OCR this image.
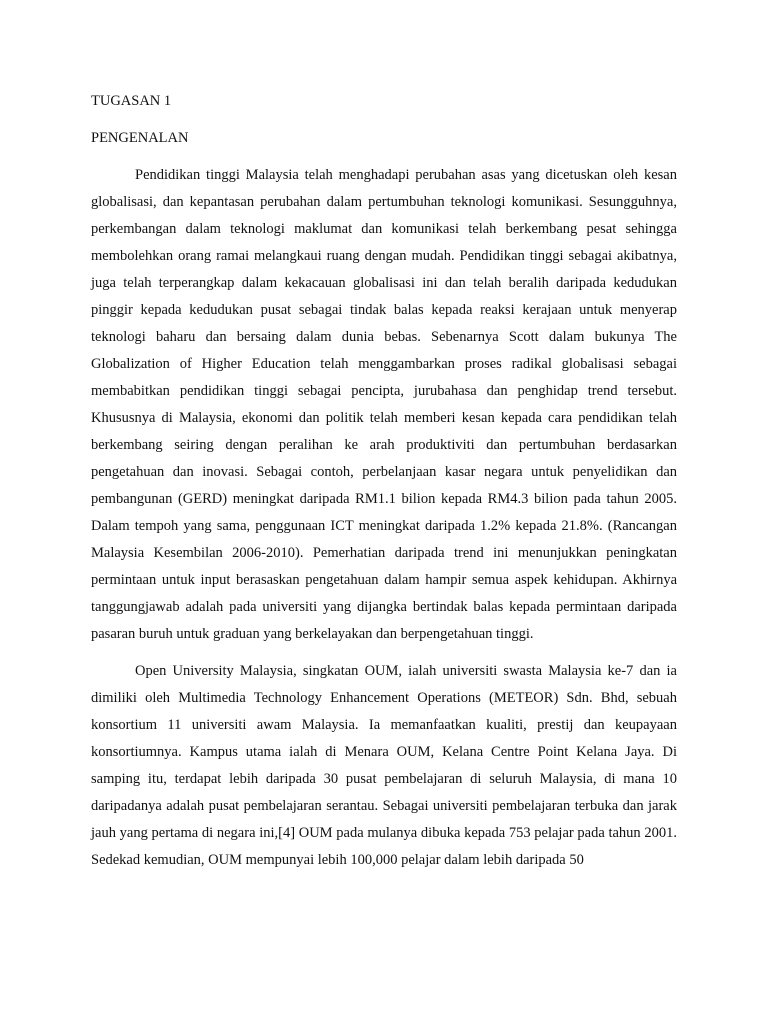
TUGASAN 1

PENGENALAN

Pendidikan tinggi Malaysia telah menghadapi perubahan asas yang dicetuskan oleh kesan globalisasi, dan kepantasan perubahan dalam pertumbuhan teknologi komunikasi. Sesungguhnya, perkembangan dalam teknologi maklumat dan komunikasi telah berkembang pesat sehingga membolehkan orang ramai melangkaui ruang dengan mudah. Pendidikan tinggi sebagai akibatnya, juga telah terperangkap dalam kekacauan globalisasi ini dan telah beralih daripada kedudukan pinggir kepada kedudukan pusat sebagai tindak balas kepada reaksi kerajaan untuk menyerap teknologi baharu dan bersaing dalam dunia bebas. Sebenarnya Scott dalam bukunya The Globalization of Higher Education telah menggambarkan proses radikal globalisasi sebagai membabitkan pendidikan tinggi sebagai pencipta, jurubahasa dan penghidap trend tersebut. Khususnya di Malaysia, ekonomi dan politik telah memberi kesan kepada cara pendidikan telah berkembang seiring dengan peralihan ke arah produktiviti dan pertumbuhan berdasarkan pengetahuan dan inovasi. Sebagai contoh, perbelanjaan kasar negara untuk penyelidikan dan pembangunan (GERD) meningkat daripada RM1.1 bilion kepada RM4.3 bilion pada tahun 2005. Dalam tempoh yang sama, penggunaan ICT meningkat daripada 1.2% kepada 21.8%. (Rancangan Malaysia Kesembilan 2006-2010). Pemerhatian daripada trend ini menunjukkan peningkatan permintaan untuk input berasaskan pengetahuan dalam hampir semua aspek kehidupan. Akhirnya tanggungjawab adalah pada universiti yang dijangka bertindak balas kepada permintaan daripada pasaran buruh untuk graduan yang berkelayakan dan berpengetahuan tinggi.

Open University Malaysia, singkatan OUM, ialah universiti swasta Malaysia ke-7 dan ia dimiliki oleh Multimedia Technology Enhancement Operations (METEOR) Sdn. Bhd, sebuah konsortium 11 universiti awam Malaysia. Ia memanfaatkan kualiti, prestij dan keupayaan konsortiumnya. Kampus utama ialah di Menara OUM, Kelana Centre Point Kelana Jaya. Di samping itu, terdapat lebih daripada 30 pusat pembelajaran di seluruh Malaysia, di mana 10 daripadanya adalah pusat pembelajaran serantau. Sebagai universiti pembelajaran terbuka dan jarak jauh yang pertama di negara ini,[4] OUM pada mulanya dibuka kepada 753 pelajar pada tahun 2001. Sedekad kemudian, OUM mempunyai lebih 100,000 pelajar dalam lebih daripada 50
